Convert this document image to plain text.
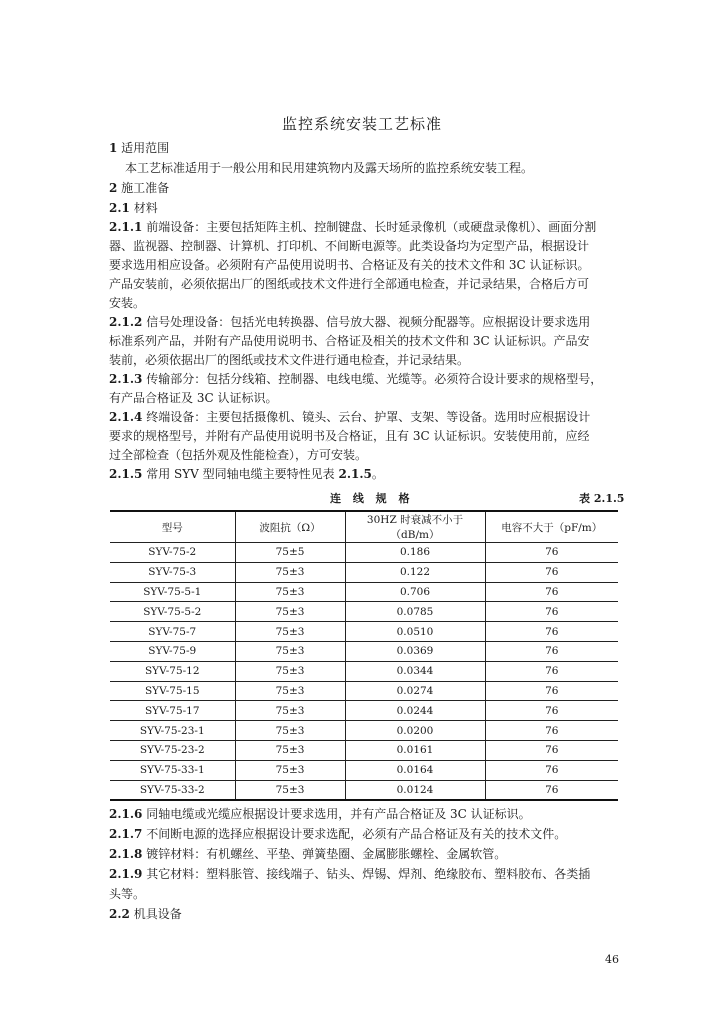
监控系统安装工艺标准
1 适用范围
本工艺标准适用于一般公用和民用建筑物内及露天场所的监控系统安装工程。
2 施工准备
2.1 材料
2.1.1 前端设备：主要包括矩阵主机、控制键盘、长时延录像机（或硬盘录像机）、画面分割
器、监视器、控制器、计算机、打印机、不间断电源等。此类设备均为定型产品，根据设计
要求选用相应设备。必须附有产品使用说明书、合格证及有关的技术文件和 3C 认证标识。
产品安装前，必须依据出厂的图纸或技术文件进行全部通电检查，并记录结果，合格后方可
安装。
2.1.2 信号处理设备：包括光电转换器、信号放大器、视频分配器等。应根据设计要求选用
标准系列产品，并附有产品使用说明书、合格证及相关的技术文件和 3C 认证标识。产品安
装前，必须依据出厂的图纸或技术文件进行通电检查，并记录结果。
2.1.3 传输部分：包括分线箱、控制器、电线电缆、光缆等。必须符合设计要求的规格型号，
有产品合格证及 3C 认证标识。
2.1.4 终端设备：主要包括摄像机、镜头、云台、护罩、支架、等设备。选用时应根据设计
要求的规格型号，并附有产品使用说明书及合格证，且有 3C 认证标识。安装使用前，应经
过全部检查（包括外观及性能检查），方可安装。
2.1.5 常用 SYV 型同轴电缆主要特性见表 2.1.5。
连 线 规 格	表 2.1.5
型号	波阻抗（Ω）	30HZ 时衰减不小于（dB/m）	电容不大于（pF/m）
SYV-75-2	75±5	0.186	76
SYV-75-3	75±3	0.122	76
SYV-75-5-1	75±3	0.706	76
SYV-75-5-2	75±3	0.0785	76
SYV-75-7	75±3	0.0510	76
SYV-75-9	75±3	0.0369	76
SYV-75-12	75±3	0.0344	76
SYV-75-15	75±3	0.0274	76
SYV-75-17	75±3	0.0244	76
SYV-75-23-1	75±3	0.0200	76
SYV-75-23-2	75±3	0.0161	76
SYV-75-33-1	75±3	0.0164	76
SYV-75-33-2	75±3	0.0124	76
2.1.6 同轴电缆或光缆应根据设计要求选用，并有产品合格证及 3C 认证标识。
2.1.7 不间断电源的选择应根据设计要求选配，必须有产品合格证及有关的技术文件。
2.1.8 镀锌材料：有机螺丝、平垫、弹簧垫圈、金属膨胀螺栓、金属软管。
2.1.9 其它材料：塑料胀管、接线端子、钻头、焊锡、焊剂、绝缘胶布、塑料胶布、各类插
头等。
2.2 机具设备
46
